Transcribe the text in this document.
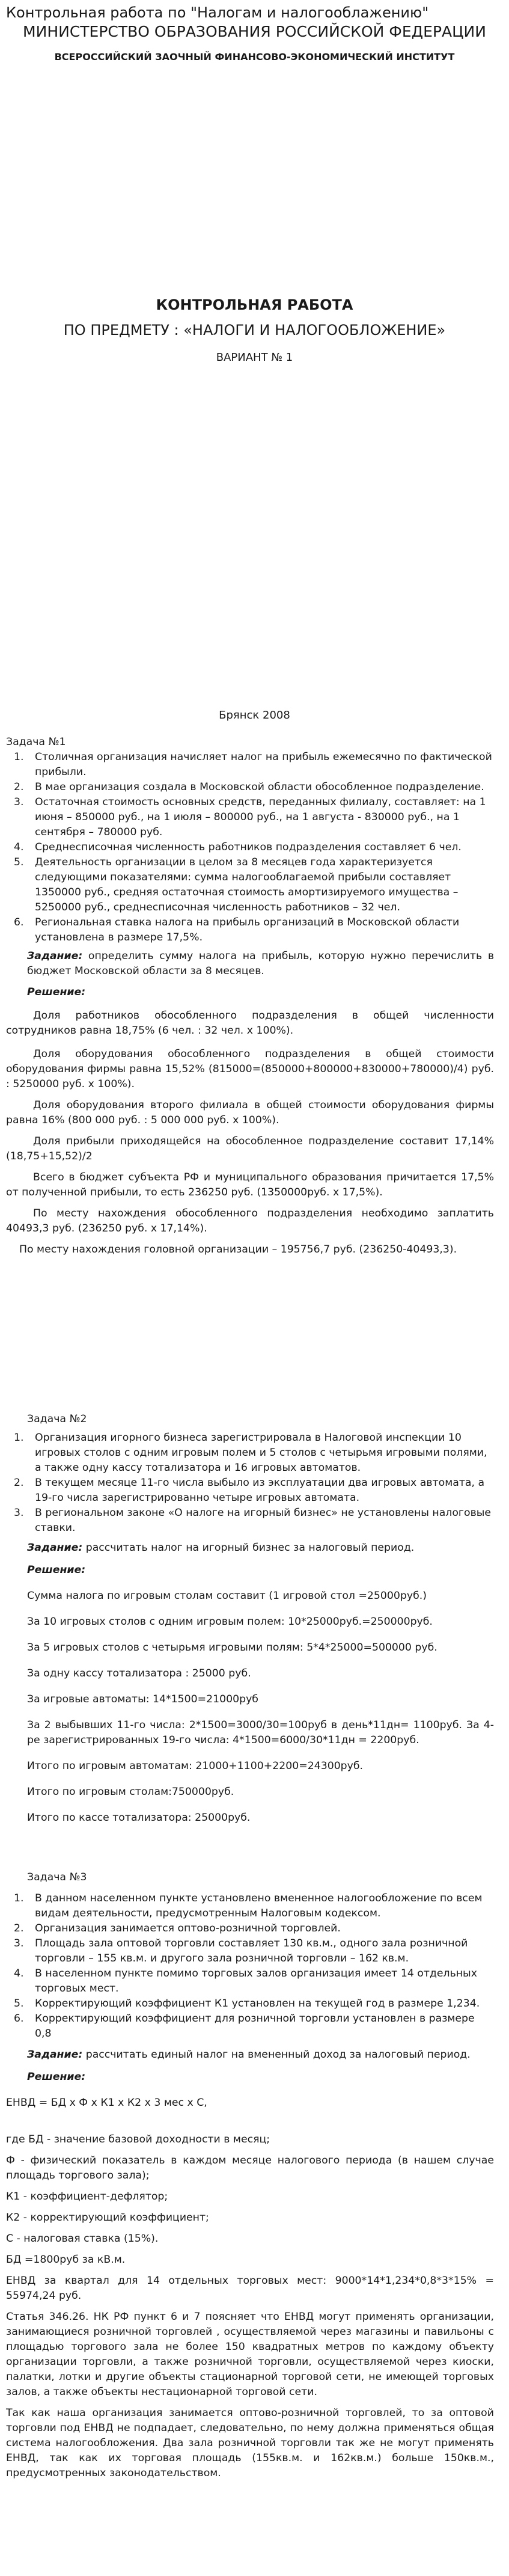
Контрольная работа по "Налогам и налогооблажению"
МИНИСТЕРСТВО ОБРАЗОВАНИЯ РОССИЙСКОЙ ФЕДЕРАЦИИ
ВСЕРОССИЙСКИЙ ЗАОЧНЫЙ ФИНАНСОВО-ЭКОНОМИЧЕСКИЙ ИНСТИТУТ
КОНТРОЛЬНАЯ РАБОТА
ПО ПРЕДМЕТУ : «НАЛОГИ И НАЛОГООБЛОЖЕНИЕ»
ВАРИАНТ № 1
Брянск 2008

Задача №1

Столичная организация начисляет налог на прибыль ежемесячно по фактической прибыли.
В мае организация создала в Московской области обособленное подразделение.
Остаточная стоимость основных средств, переданных филиалу, составляет: на 1 июня – 850000 руб., на 1 июля – 800000 руб., на 1 августа - 830000 руб., на 1 сентября – 780000 руб.
Среднесписочная численность работников подразделения составляет 6 чел.
Деятельность организации в целом за 8 месяцев года характеризуется следующими показателями: сумма налогооблагаемой прибыли составляет 1350000 руб., средняя остаточная стоимость амортизируемого имущества – 5250000 руб., среднесписочная численность работников – 32 чел.
Региональная ставка налога на прибыль организаций в Московской области установлена в размере 17,5%.

Задание: определить сумму налога на прибыль, которую нужно перечислить в бюджет Московской области за 8 месяцев.

Решение:

Доля работников обособленного подразделения в общей численности сотрудников равна 18,75% (6 чел. : 32 чел. х 100%).

Доля оборудования обособленного подразделения в общей стоимости оборудования фирмы равна 15,52% (815000=(850000+800000+830000+780000)/4) руб. : 5250000 руб. х 100%).

Доля оборудования второго филиала в общей стоимости оборудования фирмы равна 16% (800 000 руб. : 5 000 000 руб. х 100%).

Доля прибыли приходящейся на обособленное подразделение составит 17,14% (18,75+15,52)/2

Всего в бюджет субъекта РФ и муниципального образования причитается 17,5% от полученной прибыли, то есть 236250 руб. (1350000руб. х 17,5%).

По месту нахождения обособленного подразделения необходимо заплатить 40493,3 руб. (236250 руб. х 17,14%).

По месту нахождения головной организации – 195756,7 руб. (236250-40493,3).

Задача №2

Организация игорного бизнеса зарегистрировала в Налоговой инспекции 10 игровых столов с одним игровым полем и 5 столов с четырьмя игровыми полями, а также одну кассу тотализатора и 16 игровых автоматов.
В текущем месяце 11-го числа выбыло из эксплуатации два игровых автомата, а 19-го числа зарегистрированно четыре игровых автомата.
В региональном законе «О налоге на игорный бизнес» не установлены налоговые ставки.

Задание: рассчитать налог на игорный бизнес за налоговый период.

Решение:

Сумма налога по игровым столам составит (1 игровой стол =25000руб.)

За 10 игровых столов с одним игровым полем: 10*25000руб.=250000руб.

За 5 игровых столов с четырьмя игровыми полям: 5*4*25000=500000 руб.

За одну кассу тотализатора : 25000 руб.

За игровые автоматы: 14*1500=21000руб

За 2 выбывших 11-го числа: 2*1500=3000/30=100руб в день*11дн= 1100руб. За 4-ре зарегистрированных 19-го числа: 4*1500=6000/30*11дн = 2200руб.

Итого по игровым автоматам: 21000+1100+2200=24300руб.

Итого по игровым столам:750000руб.

Итого по кассе тотализатора: 25000руб.

Задача №3

В данном населенном пункте установлено вмененное налогообложение по всем видам деятельности, предусмотренным Налоговым кодексом.
Организация занимается оптово-розничной торговлей.
Площадь зала оптовой торговли составляет 130 кв.м., одного зала розничной торговли – 155 кв.м. и другого зала розничной торговли – 162 кв.м.
В населенном пункте помимо торговых залов организация имеет 14 отдельных торговых мест.
Корректирующий коэффициент К1 установлен на текущей год в размере 1,234.
Корректирующий коэффициент для розничной торговли установлен в размере 0,8

Задание: рассчитать единый налог на вмененный доход за налоговый период.

Решение:

ЕНВД = БД х Ф х К1 х К2 х 3 мес х С,

где БД - значение базовой доходности в месяц;

Ф - физический показатель в каждом месяце налогового периода (в нашем случае площадь торгового зала);

К1 - коэффициент-дефлятор;

К2 - корректирующий коэффициент;

С - налоговая ставка (15%).

БД =1800руб за кВ.м.

ЕНВД за квартал для 14 отдельных торговых мест: 9000*14*1,234*0,8*3*15% = 55974,24 руб.

Статья 346.26. НК РФ пункт 6 и 7 поясняет что ЕНВД могут применять организации, занимающиеся розничной торговлей , осуществляемой через магазины и павильоны с площадью торгового зала не более 150 квадратных метров по каждому объекту организации торговли, а также розничной торговли, осуществляемой через киоски, палатки, лотки и другие объекты стационарной торговой сети, не имеющей торговых залов, а также объекты нестационарной торговой сети.

Так как наша организация занимается оптово-розничной торговлей, то за оптовой торговли под ЕНВД не подпадает, следовательно, по нему должна применяться общая система налогообложения. Два зала розничной торговли так же не могут применять ЕНВД, так как их торговая площадь (155кв.м. и 162кв.м.) больше 150кв.м., предусмотренных законодательством.
